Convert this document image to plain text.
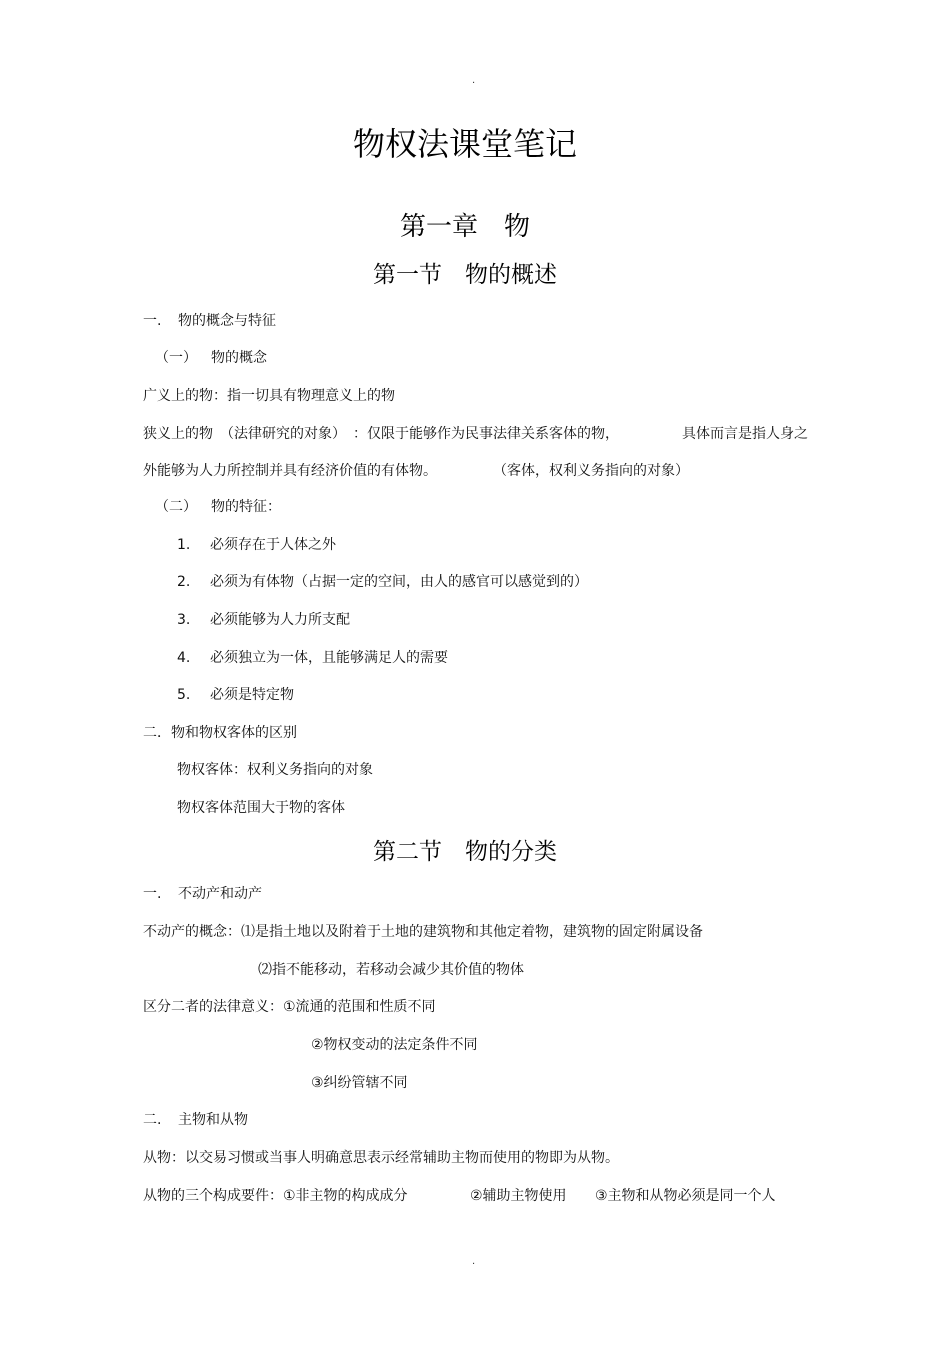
.
物权法课堂笔记
第一章　物
第一节　物的概述
一. 物的概念与特征
（一） 物的概念
广义上的物：指一切具有物理意义上的物
狭义上的物　（法律研究的对象）　：仅限于能够作为民事法律关系客体的物，	具体而言是指人身之
外能够为人力所控制并具有经济价值的有体物。	（客体，权利义务指向的对象）
（二） 物的特征：
1. 必须存在于人体之外
2. 必须为有体物（占据一定的空间，由人的感官可以感觉到的）
3. 必须能够为人力所支配
4. 必须独立为一体，且能够满足人的需要
5. 必须是特定物
二．物和物权客体的区别
物权客体：权利义务指向的对象
物权客体范围大于物的客体
第二节　物的分类
一. 不动产和动产
不动产的概念：⑴是指土地以及附着于土地的建筑物和其他定着物，建筑物的固定附属设备
⑵指不能移动，若移动会减少其价值的物体
区分二者的法律意义：①流通的范围和性质不同
②物权变动的法定条件不同
③纠纷管辖不同
二. 主物和从物
从物：以交易习惯或当事人明确意思表示经常辅助主物而使用的物即为从物。
从物的三个构成要件：①非主物的构成成分	②辅助主物使用 ③主物和从物必须是同一个人
.
